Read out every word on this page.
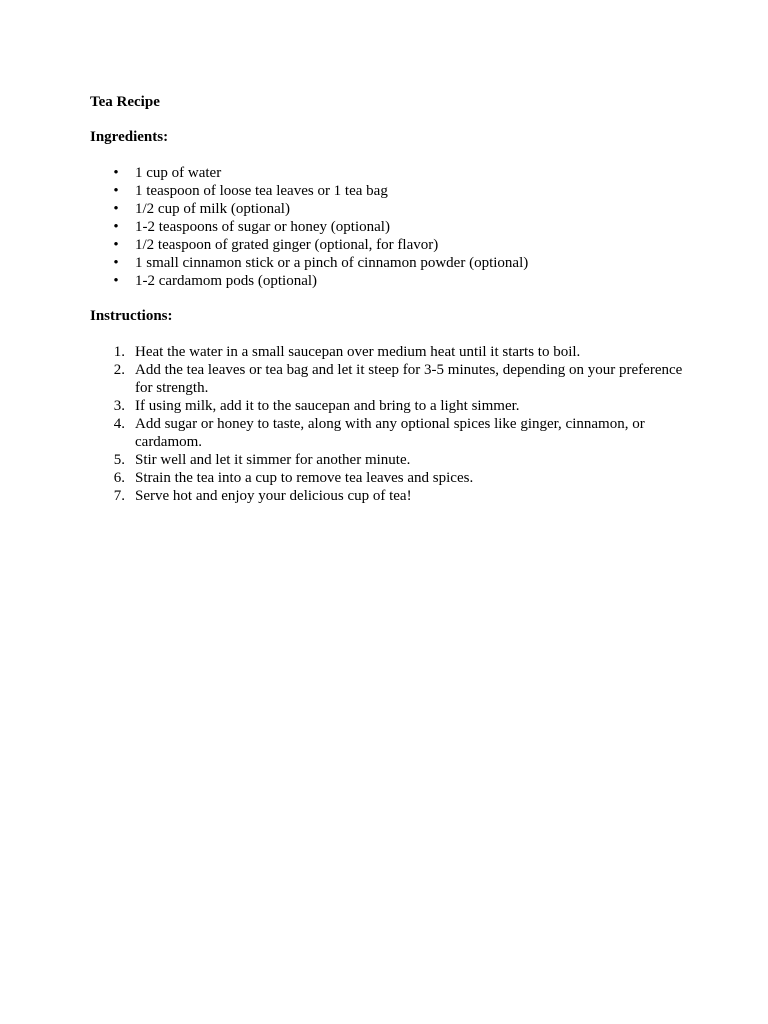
Tea Recipe

Ingredients:

• 1 cup of water
• 1 teaspoon of loose tea leaves or 1 tea bag
• 1/2 cup of milk (optional)
• 1-2 teaspoons of sugar or honey (optional)
• 1/2 teaspoon of grated ginger (optional, for flavor)
• 1 small cinnamon stick or a pinch of cinnamon powder (optional)
• 1-2 cardamom pods (optional)

Instructions:

1. Heat the water in a small saucepan over medium heat until it starts to boil.
2. Add the tea leaves or tea bag and let it steep for 3-5 minutes, depending on your preference for strength.
3. If using milk, add it to the saucepan and bring to a light simmer.
4. Add sugar or honey to taste, along with any optional spices like ginger, cinnamon, or cardamom.
5. Stir well and let it simmer for another minute.
6. Strain the tea into a cup to remove tea leaves and spices.
7. Serve hot and enjoy your delicious cup of tea!
